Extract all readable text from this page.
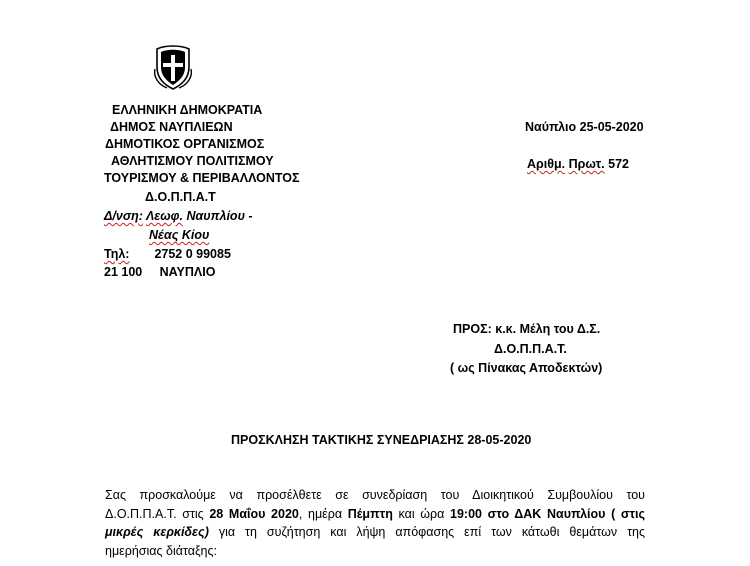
ΕΛΛΗΝΙΚΗ ΔΗΜΟΚΡΑΤΙΑ
ΔΗΜΟΣ ΝΑΥΠΛΙΕΩΝ
ΔΗΜΟΤΙΚΟΣ ΟΡΓΑΝΙΣΜΟΣ
ΑΘΛΗΤΙΣΜΟΥ ΠΟΛΙΤΙΣΜΟΥ
ΤΟΥΡΙΣΜΟΥ & ΠΕΡΙΒΑΛΛΟΝΤΟΣ
Δ.Ο.Π.Π.Α.Τ
Δ/νση: Λεωφ. Ναυπλίου -
Νέας Κίου
Τηλ: 2752 0 99085
21 100     ΝΑΥΠΛΙΟ
Ναύπλιο 25-05-2020
Αριθμ. Πρωτ. 572
ΠΡΟΣ: κ.κ. Μέλη του Δ.Σ.
Δ.Ο.Π.Π.Α.Τ.
( ως Πίνακας Αποδεκτών)
ΠΡΟΣΚΛΗΣΗ ΤΑΚΤΙΚΗΣ ΣΥΝΕΔΡΙΑΣΗΣ 28-05-2020
Σας προσκαλούμε να προσέλθετε σε συνεδρίαση του Διοικητικού Συμβουλίου του
Δ.Ο.Π.Π.Α.Τ. στις 28 Μαΐου 2020, ημέρα Πέμπτη και ώρα 19:00 στο ΔΑΚ Ναυπλίου ( στις
μικρές κερκίδες) για τη συζήτηση και λήψη απόφασης επί των κάτωθι θεμάτων της
ημερήσιας διάταξης:
